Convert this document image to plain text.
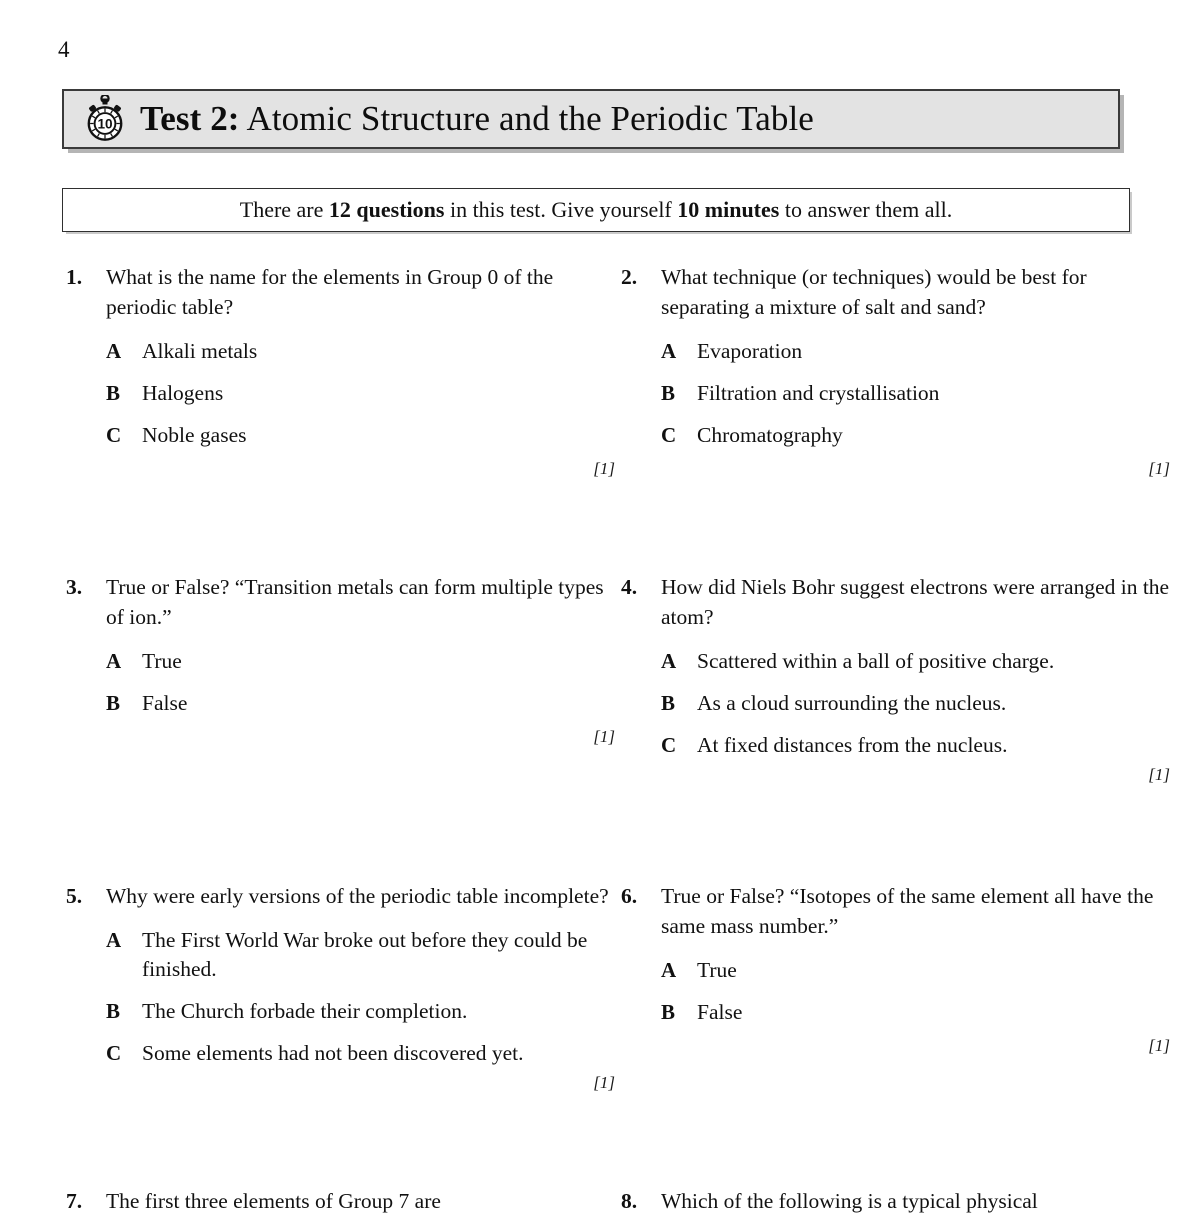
4
10 Test 2: Atomic Structure and the Periodic Table
There are 12 questions in this test. Give yourself 10 minutes to answer them all.
1.	What is the name for the elements in Group 0 of the periodic table?
A Alkali metals
B	Halogens
C Noble gases
[1]
2.	What technique (or techniques) would be best for separating a mixture of salt and sand?
A Evaporation
B	Filtration and crystallisation
C Chromatography
[1]
3.	True or False? “Transition metals can form multiple types of ion.”
A True
B	False
[1]
4.	How did Niels Bohr suggest electrons were arranged in the atom?
A Scattered within a ball of positive charge.
B	As a cloud surrounding the nucleus.
C At fixed distances from the nucleus.
[1]
5.	Why were early versions of the periodic table incomplete?
A The First World War broke out before they could be finished.
B	The Church forbade their completion.
C Some elements had not been discovered yet.
[1]
6.	True or False? “Isotopes of the same element all have the same mass number.”
A True
B	False
[1]
7.	The first three elements of Group 7 are	8.	Which of the following is a typical physical
